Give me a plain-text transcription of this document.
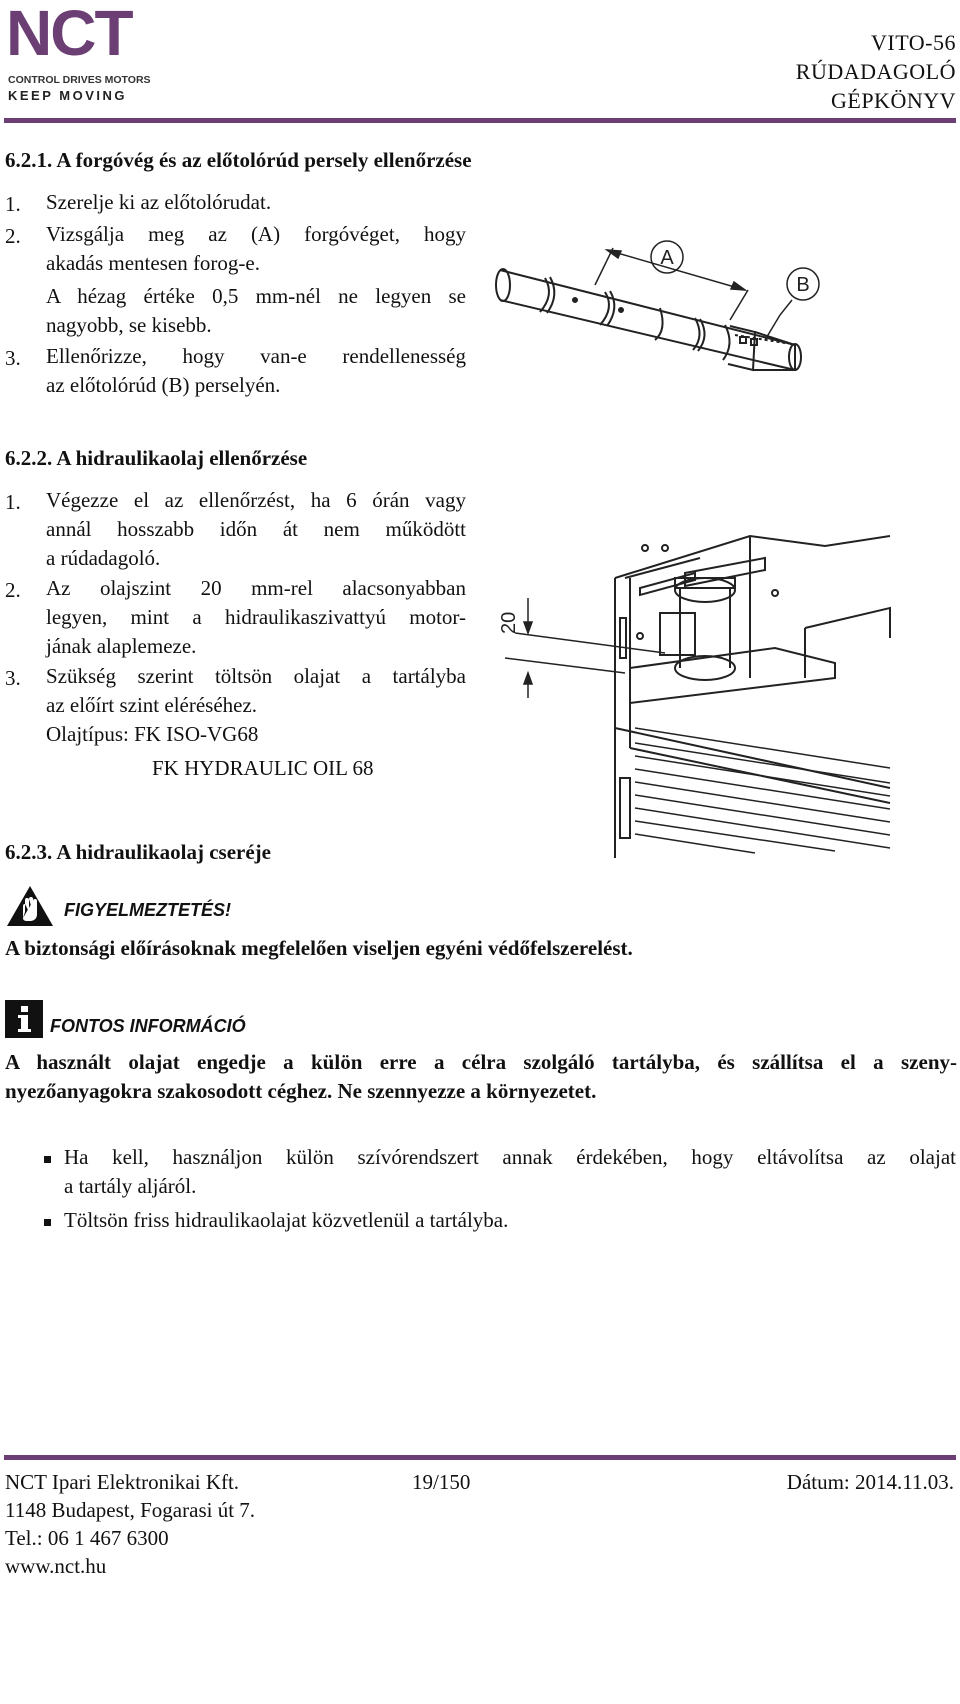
NCT
CONTROL DRIVES MOTORS
KEEP MOVING
VITO-56
RÚDADAGOLÓ
GÉPKÖNYV
6.2.1. A forgóvég és az előtolórúd persely ellenőrzése
1. Szerelje ki az előtolórudat.
2. Vizsgálja meg az (A) forgóvéget, hogy
akadás mentesen forog-e.
A hézag értéke 0,5 mm-nél ne legyen se
nagyobb, se kisebb.
3. Ellenőrizze, hogy van-e rendellenesség
az előtolórúd (B) perselyén.
A
B
6.2.2. A hidraulikaolaj ellenőrzése
1. Végezze el az ellenőrzést, ha 6 órán vagy
annál hosszabb időn át nem működött
a rúdadagoló.
2. Az olajszint 20 mm-rel alacsonyabban
legyen, mint a hidraulikaszivattyú motor-
jának alaplemeze.
3. Szükség szerint töltsön olajat a tartályba
az előírt szint eléréséhez.
Olajtípus: FK ISO-VG68
FK HYDRAULIC OIL 68
20
6.2.3. A hidraulikaolaj cseréje
FIGYELMEZTETÉS!
A biztonsági előírásoknak megfelelően viseljen egyéni védőfelszerelést.
FONTOS INFORMÁCIÓ
A használt olajat engedje a külön erre a célra szolgáló tartályba, és szállítsa el a szeny-
nyezőanyagokra szakosodott céghez. Ne szennyezze a környezetet.
Ha kell, használjon külön szívórendszert annak érdekében, hogy eltávolítsa az olajat
a tartály aljáról.
Töltsön friss hidraulikaolajat közvetlenül a tartályba.
NCT Ipari Elektronikai Kft.	19/150	Dátum: 2014.11.03.
1148 Budapest, Fogarasi út 7.
Tel.: 06 1 467 6300
www.nct.hu
